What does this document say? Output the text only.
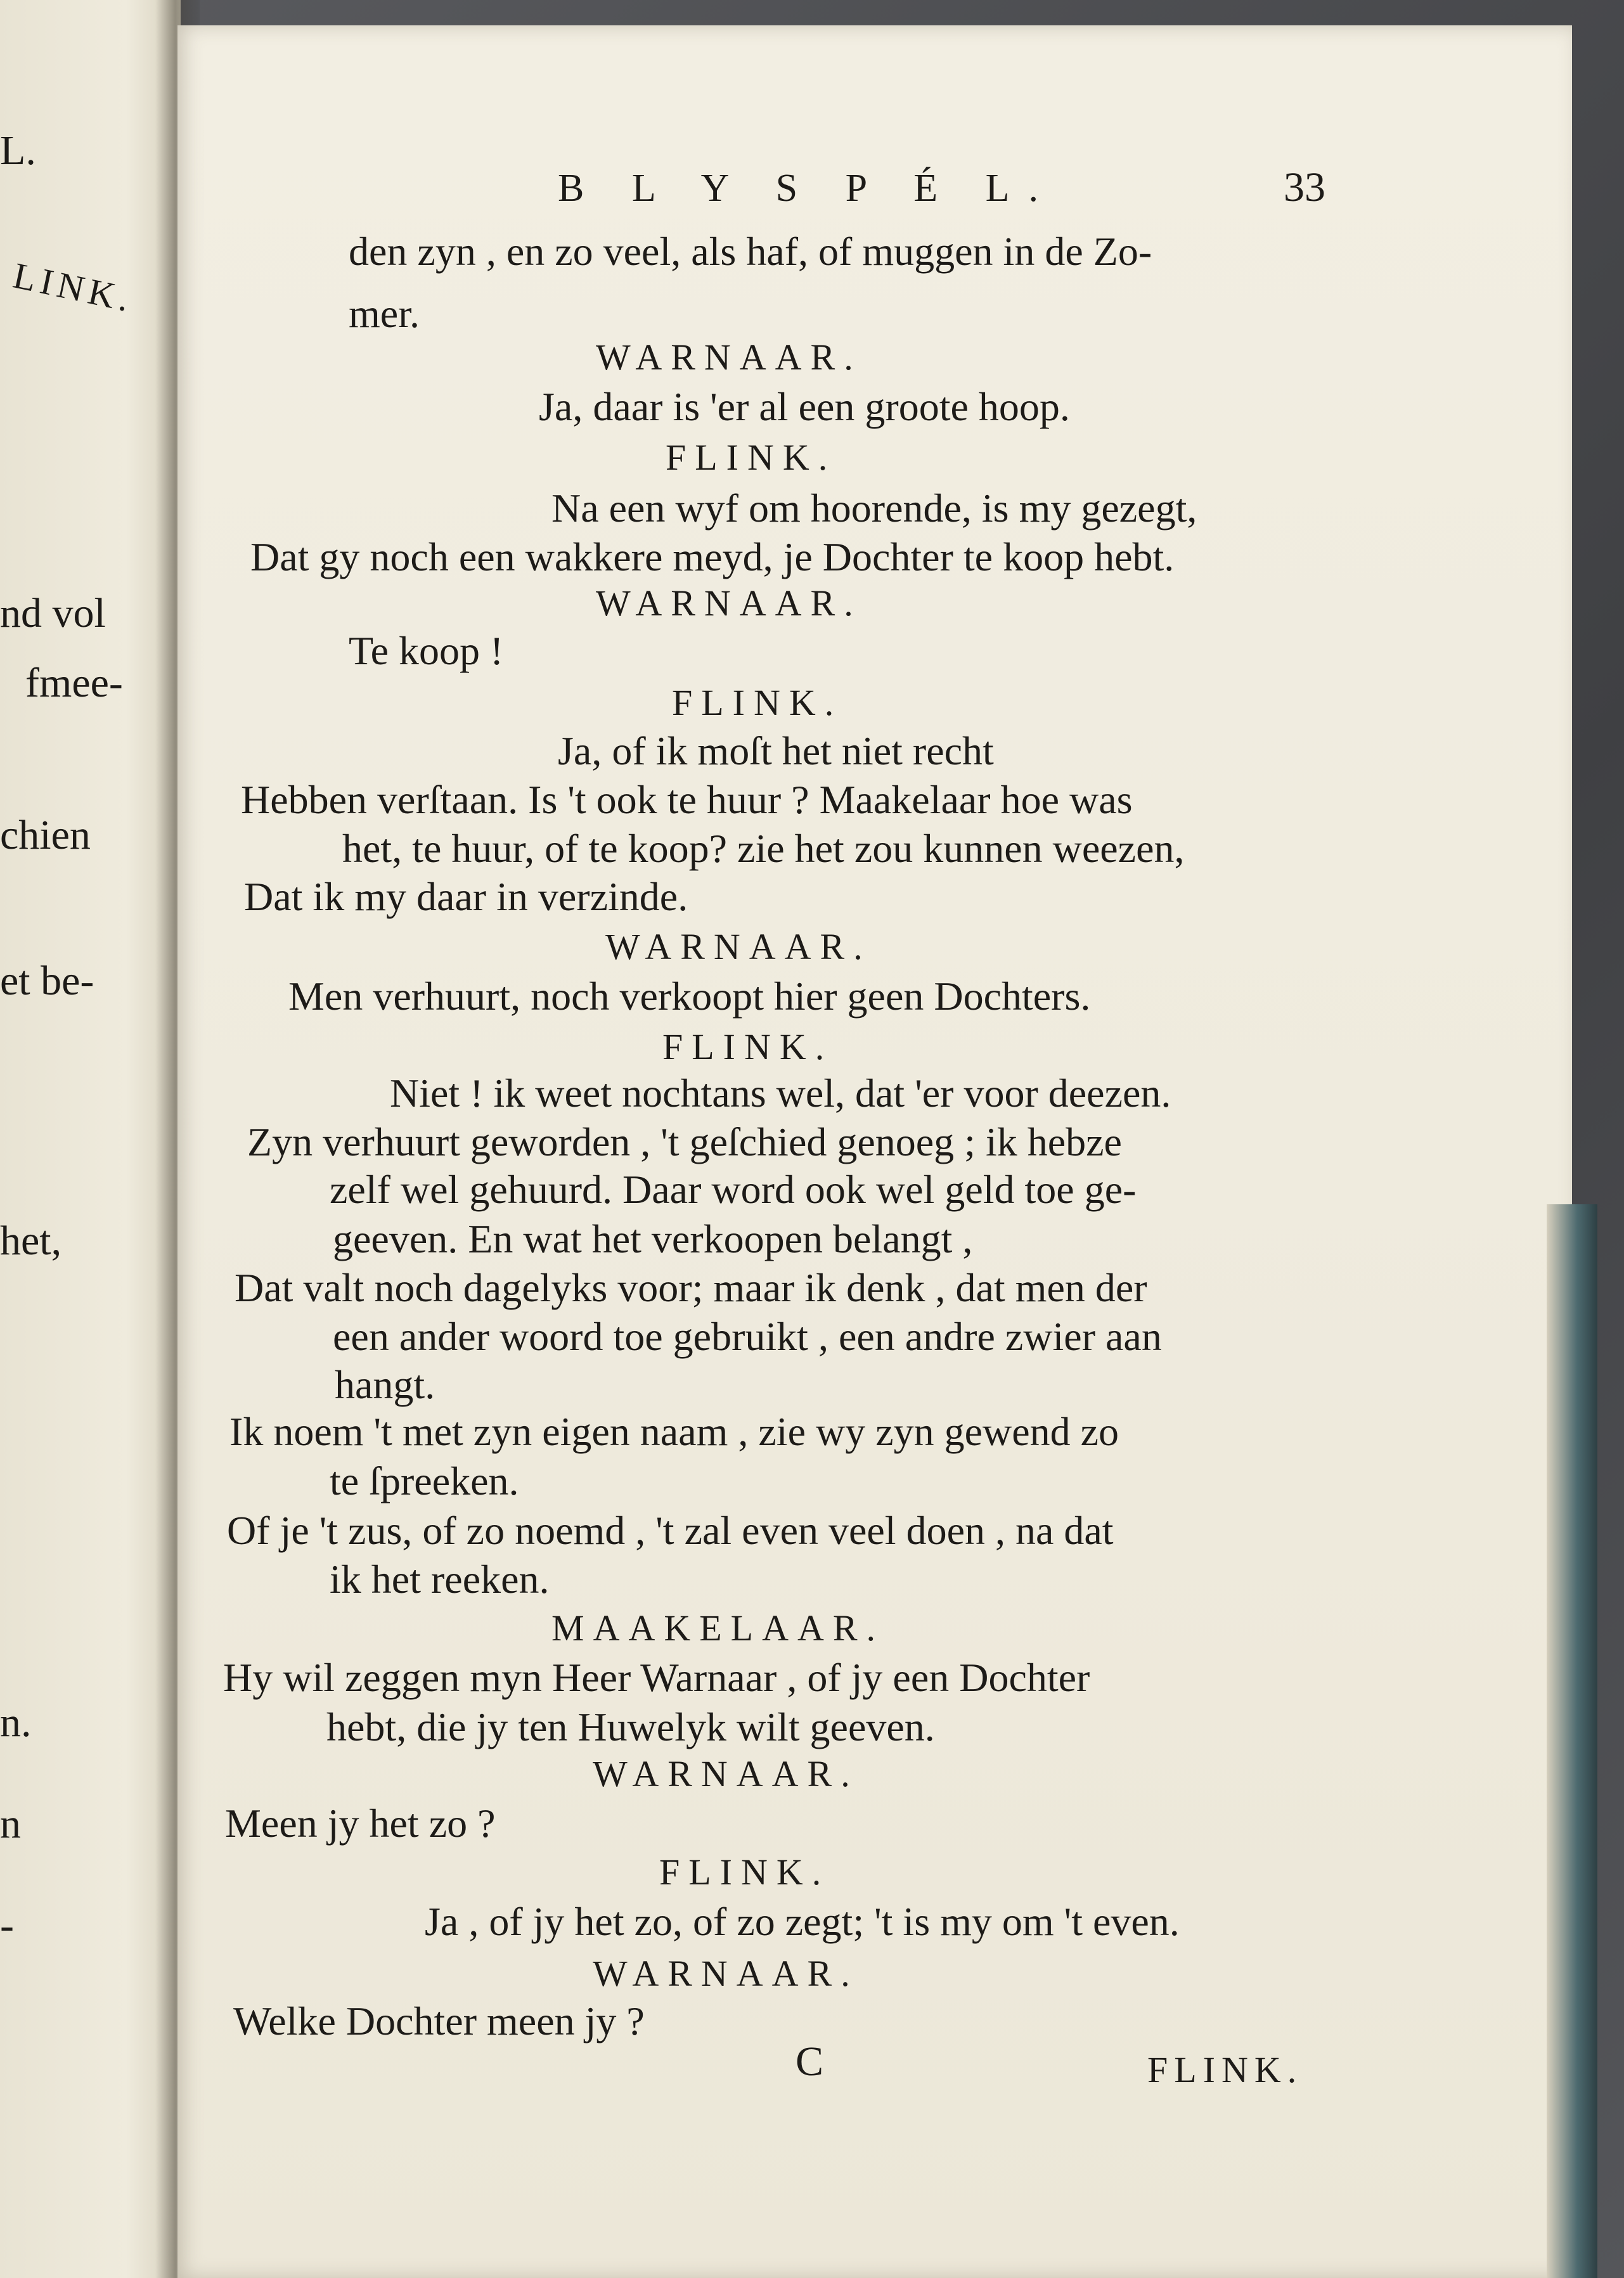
L.
LINK.
nd vol
fmee-
chien
et be-
het,
n.
n
-
B L Y S P É L.	33
den zyn , en zo veel, als haf, of muggen in de Zo-
mer.
WARNAAR.
Ja, daar is 'er al een groote hoop.
FLINK.
Na een wyf om hoorende, is my gezegt,
Dat gy noch een wakkere meyd, je Dochter te koop hebt.
WARNAAR.
Te koop !
FLINK.
Ja, of ik moſt het niet recht
Hebben verſtaan. Is 't ook te huur ? Maakelaar hoe was
het, te huur, of te koop? zie het zou kunnen weezen,
Dat ik my daar in verzinde.
WARNAAR.
Men verhuurt, noch verkoopt hier geen Dochters.
FLINK.
Niet ! ik weet nochtans wel, dat 'er voor deezen.
Zyn verhuurt geworden , 't geſchied genoeg ; ik hebze
zelf wel gehuurd. Daar word ook wel geld toe ge-
geeven. En wat het verkoopen belangt ,
Dat valt noch dagelyks voor; maar ik denk , dat men der
een ander woord toe gebruikt , een andre zwier aan
hangt.
Ik noem 't met zyn eigen naam , zie wy zyn gewend zo
te ſpreeken.
Of je 't zus, of zo noemd , 't zal even veel doen , na dat
ik het reeken.
MAAKELAAR.
Hy wil zeggen myn Heer Warnaar , of jy een Dochter
hebt, die jy ten Huwelyk wilt geeven.
WARNAAR.
Meen jy het zo ?
FLINK.
Ja , of jy het zo, of zo zegt; 't is my om 't even.
WARNAAR.
Welke Dochter meen jy ?
C	FLINK.
